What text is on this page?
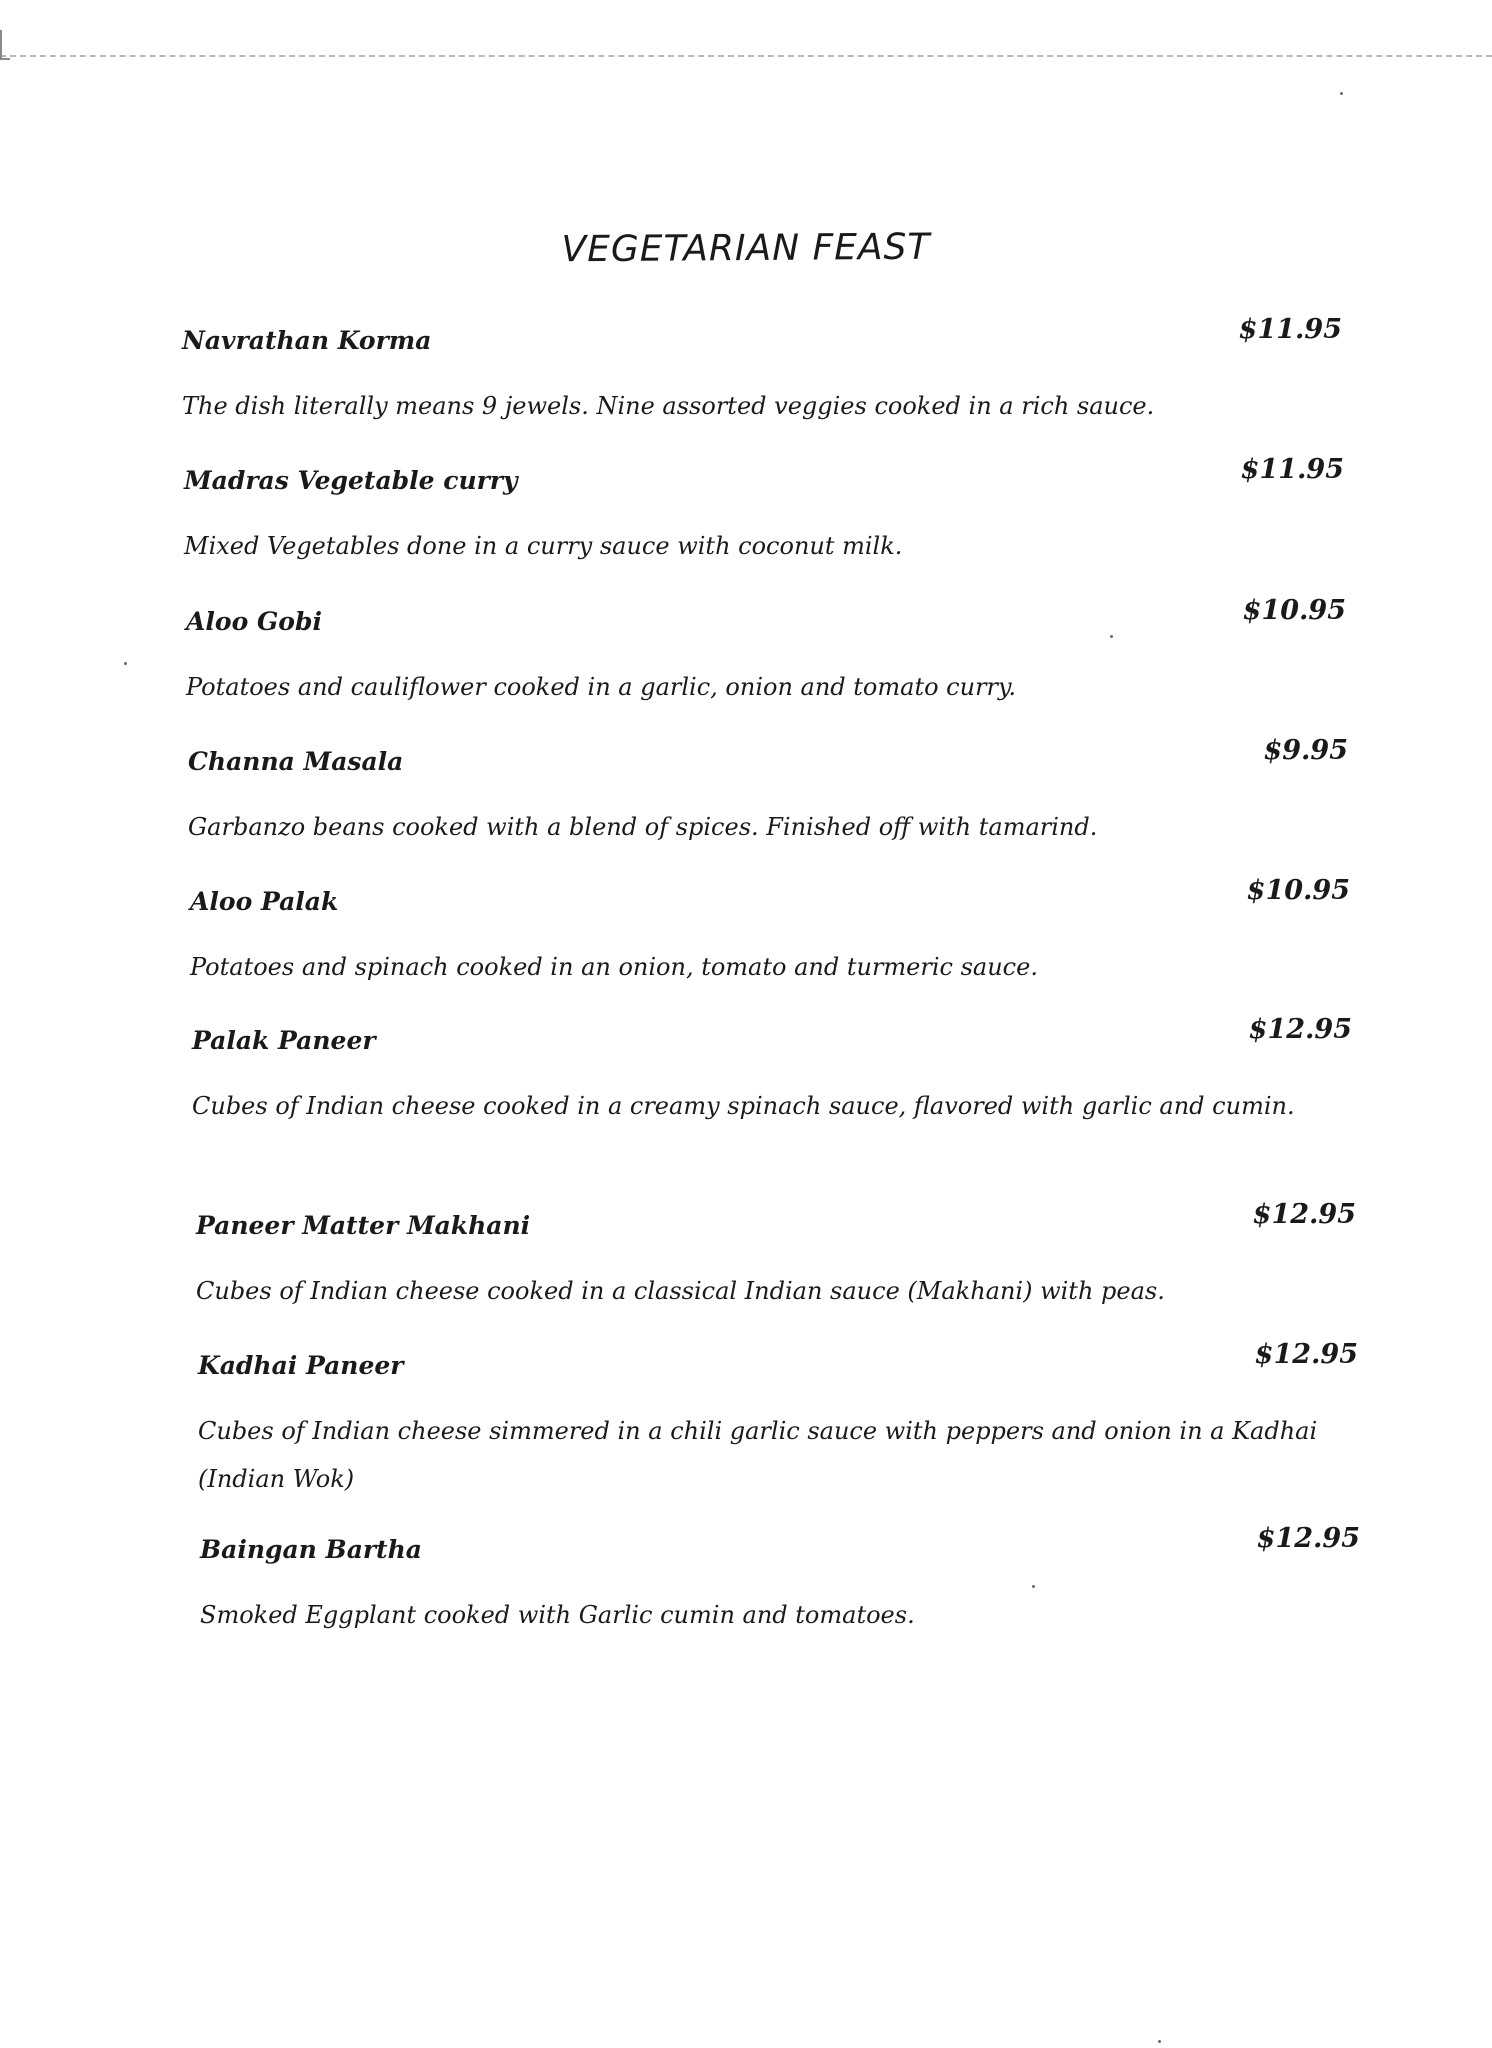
VEGETARIAN FEAST
Navrathan Korma	$11.95
The dish literally means 9 jewels. Nine assorted veggies cooked in a rich sauce.
Madras Vegetable curry	$11.95
Mixed Vegetables done in a curry sauce with coconut milk.
Aloo Gobi	$10.95
Potatoes and cauliflower cooked in a garlic, onion and tomato curry.
Channa Masala	$9.95
Garbanzo beans cooked with a blend of spices. Finished off with tamarind.
Aloo Palak	$10.95
Potatoes and spinach cooked in an onion, tomato and turmeric sauce.
Palak Paneer	$12.95
Cubes of Indian cheese cooked in a creamy spinach sauce, flavored with garlic and cumin.
Paneer Matter Makhani	$12.95
Cubes of Indian cheese cooked in a classical Indian sauce (Makhani) with peas.
Kadhai Paneer	$12.95
Cubes of Indian cheese simmered in a chili garlic sauce with peppers and onion in a Kadhai (Indian Wok)
Baingan Bartha	$12.95
Smoked Eggplant cooked with Garlic cumin and tomatoes.
